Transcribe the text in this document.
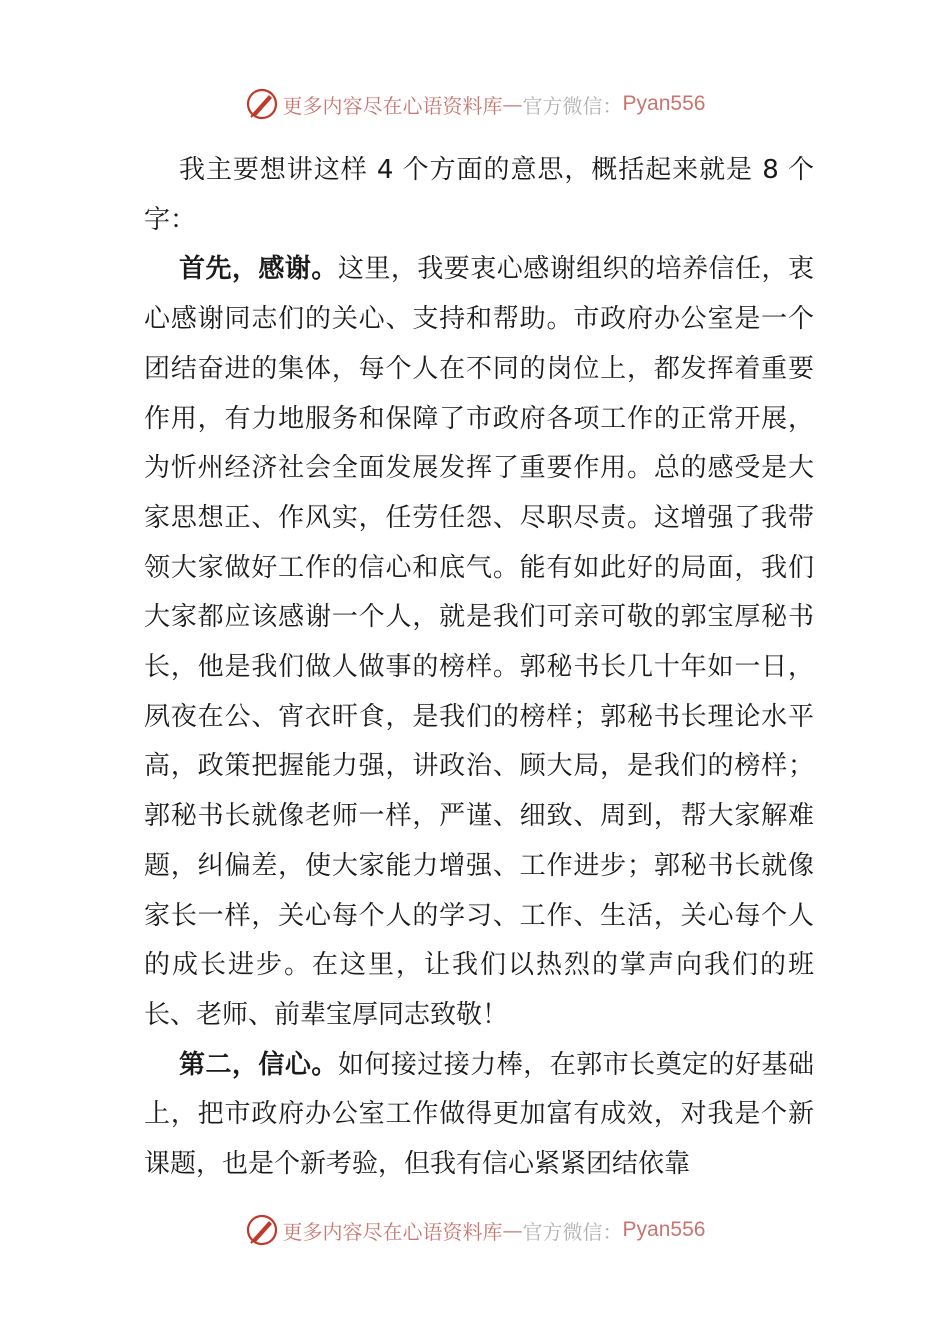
更多内容尽在心语资料库 — 官方微信： Pyan556

我主要想讲这样 4 个方面的意思，概括起来就是 8 个字：

首先，感谢。这里，我要衷心感谢组织的培养信任，衷心感谢同志们的关心、支持和帮助。市政府办公室是一个团结奋进的集体，每个人在不同的岗位上，都发挥着重要作用，有力地服务和保障了市政府各项工作的正常开展，为忻州经济社会全面发展发挥了重要作用。总的感受是大家思想正、作风实，任劳任怨、尽职尽责。这增强了我带领大家做好工作的信心和底气。能有如此好的局面，我们大家都应该感谢一个人，就是我们可亲可敬的郭宝厚秘书长，他是我们做人做事的榜样。郭秘书长几十年如一日，夙夜在公、宵衣旰食，是我们的榜样；郭秘书长理论水平高，政策把握能力强，讲政治、顾大局，是我们的榜样；郭秘书长就像老师一样，严谨、细致、周到，帮大家解难题，纠偏差，使大家能力增强、工作进步；郭秘书长就像家长一样，关心每个人的学习、工作、生活，关心每个人的成长进步。在这里，让我们以热烈的掌声向我们的班长、老师、前辈宝厚同志致敬！

第二，信心。如何接过接力棒，在郭市长奠定的好基础上，把市政府办公室工作做得更加富有成效，对我是个新课题，也是个新考验，但我有信心紧紧团结依靠

更多内容尽在心语资料库 — 官方微信： Pyan556
